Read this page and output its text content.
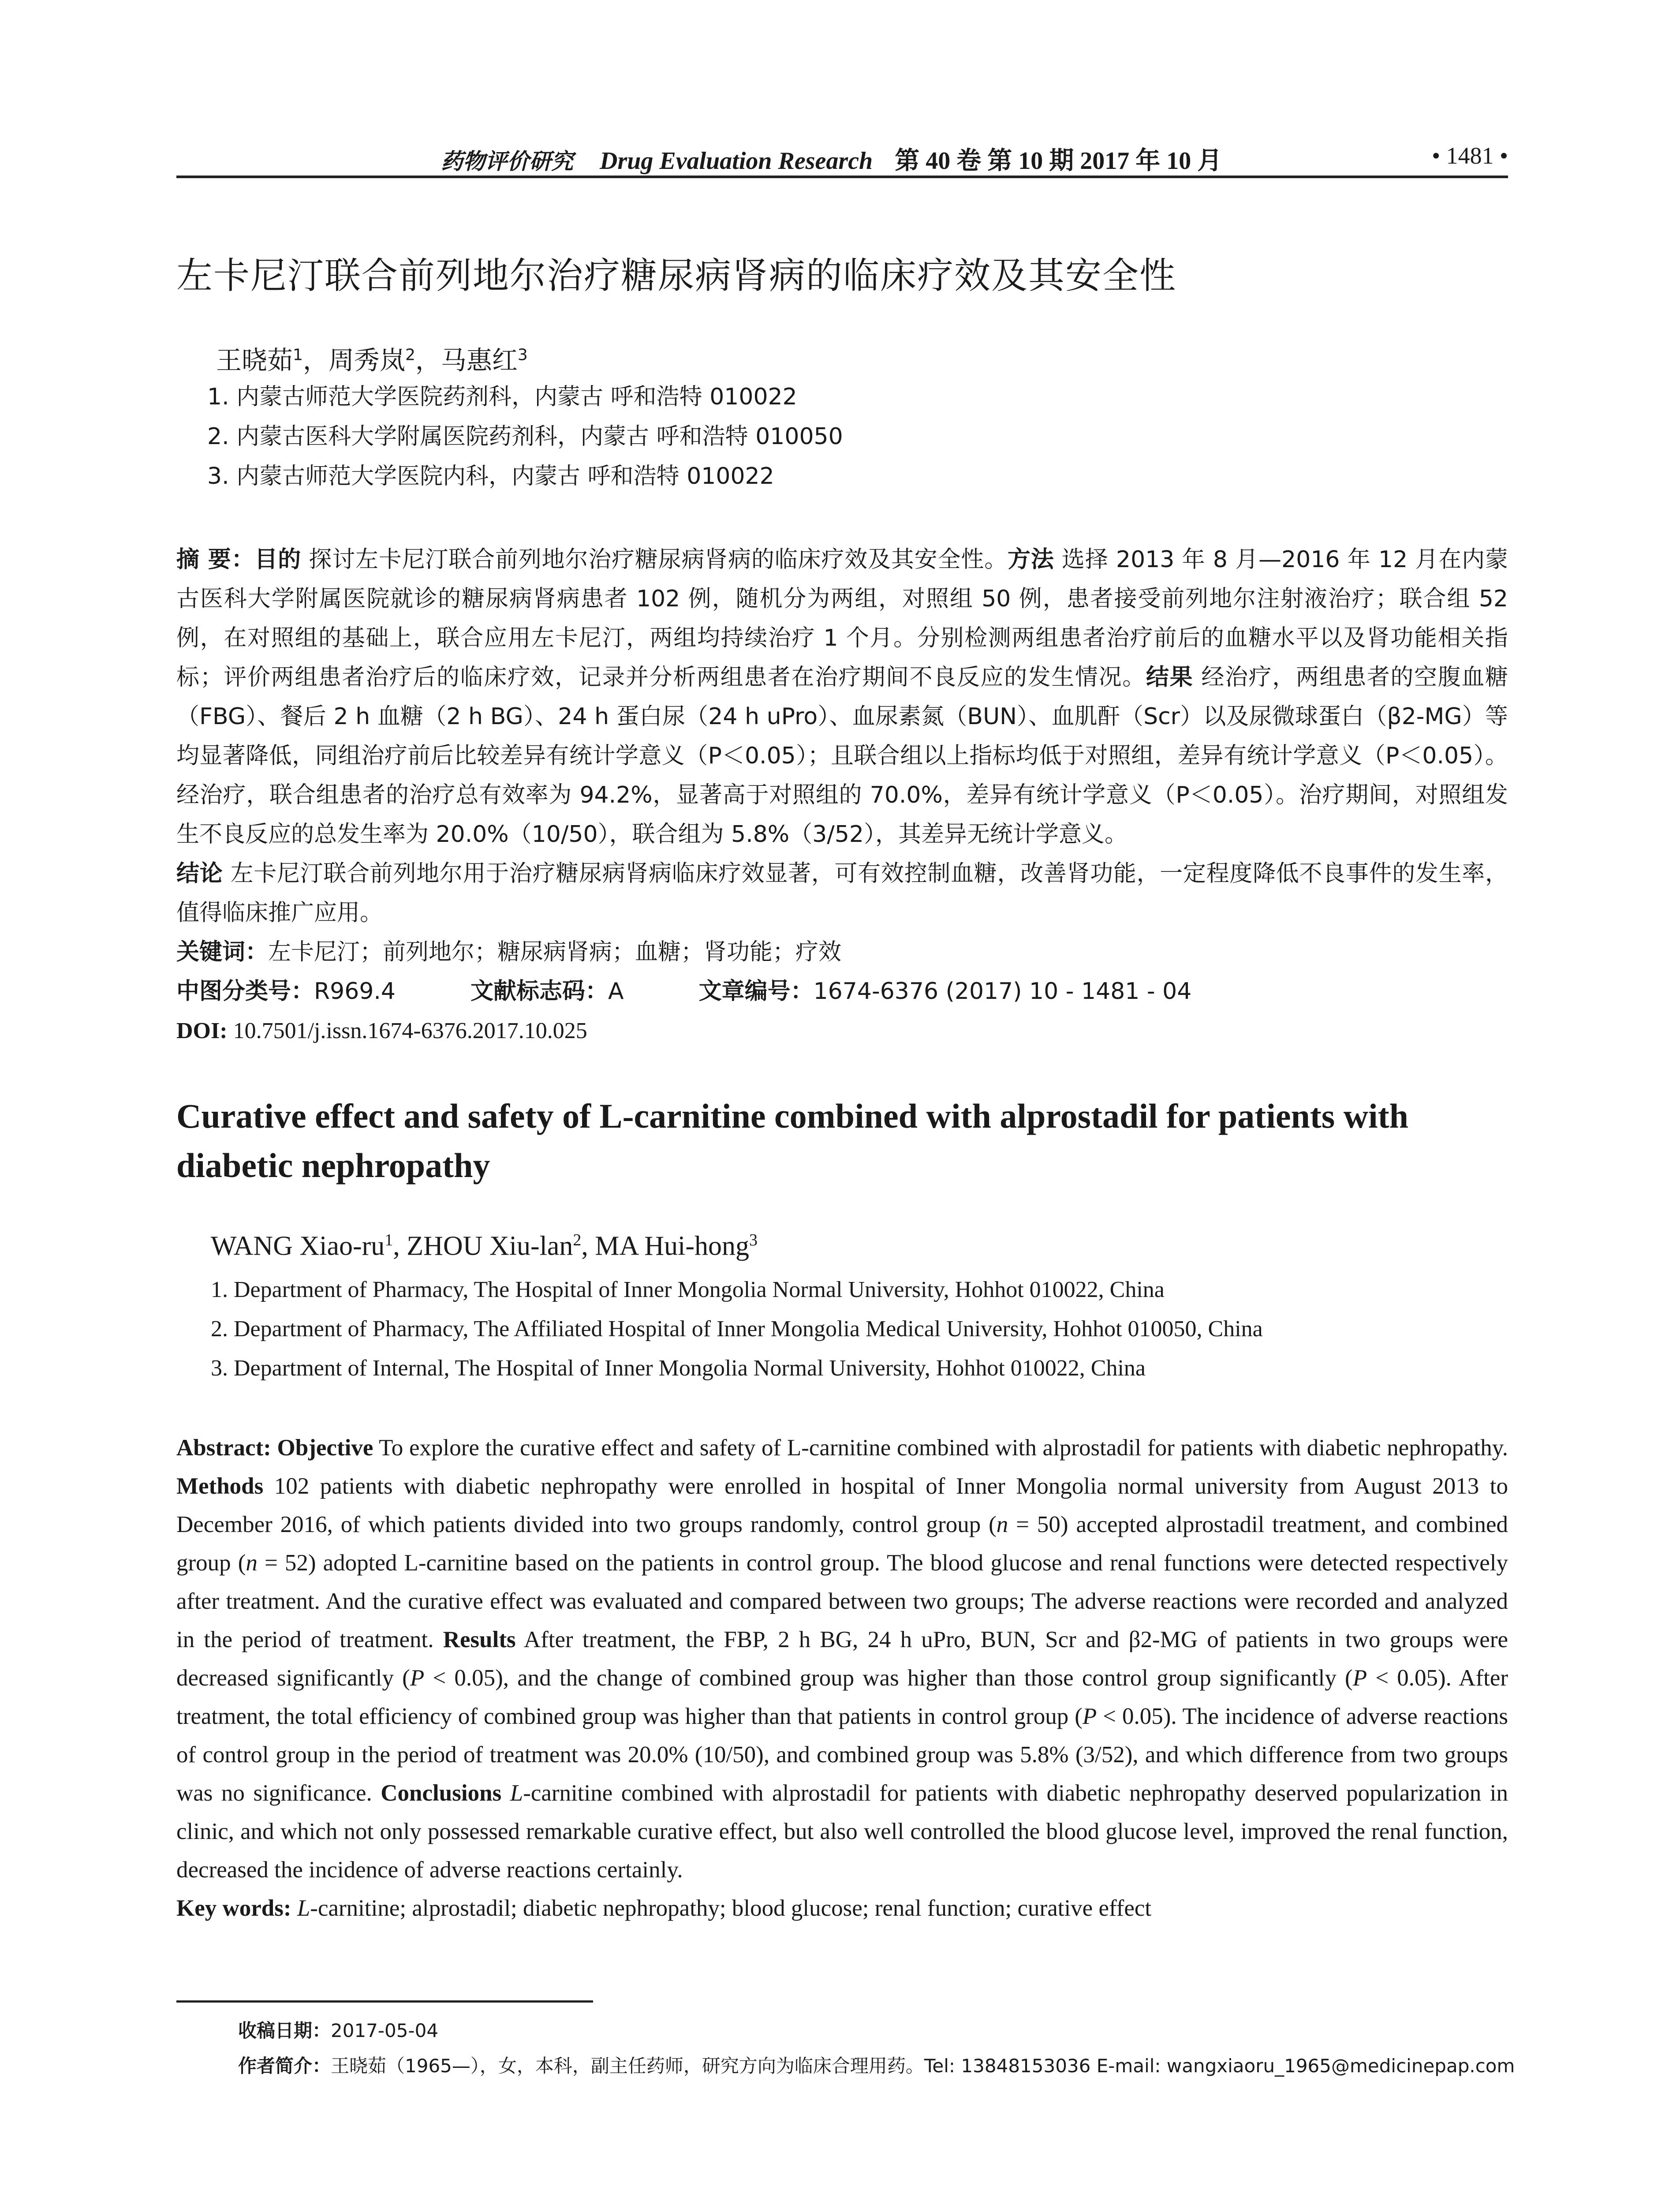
药物评价研究 Drug Evaluation Research 第 40 卷 第 10 期 2017 年 10 月	• 1481 •
左卡尼汀联合前列地尔治疗糖尿病肾病的临床疗效及其安全性
王晓茹$^1$，周秀岚$^2$，马惠红$^3$
1. 内蒙古师范大学医院药剂科，内蒙古 呼和浩特 010022
2. 内蒙古医科大学附属医院药剂科，内蒙古 呼和浩特 010050
3. 内蒙古师范大学医院内科，内蒙古 呼和浩特 010022

摘 要：目的 探讨左卡尼汀联合前列地尔治疗糖尿病肾病的临床疗效及其安全性。方法 选择 2013 年 8 月—2016 年 12 月在内蒙古医科大学附属医院就诊的糖尿病肾病患者 102 例，随机分为两组，对照组 50 例，患者接受前列地尔注射液治疗；联合组 52 例，在对照组的基础上，联合应用左卡尼汀，两组均持续治疗 1 个月。分别检测两组患者治疗前后的血糖水平以及肾功能相关指标；评价两组患者治疗后的临床疗效，记录并分析两组患者在治疗期间不良反应的发生情况。结果 经治疗，两组患者的空腹血糖（FBG）、餐后 2 h 血糖（2 h BG）、24 h 蛋白尿（24 h uPro）、血尿素氮（BUN）、血肌酐（Scr）以及尿微球蛋白（β2-MG）等均显著降低，同组治疗前后比较差异有统计学意义（P＜0.05）；且联合组以上指标均低于对照组，差异有统计学意义（P＜0.05）。经治疗，联合组患者的治疗总有效率为 94.2%，显著高于对照组的 70.0%，差异有统计学意义（P＜0.05）。治疗期间，对照组发生不良反应的总发生率为 20.0%（10/50），联合组为 5.8%（3/52），其差异无统计学意义。
结论 左卡尼汀联合前列地尔用于治疗糖尿病肾病临床疗效显著，可有效控制血糖，改善肾功能，一定程度降低不良事件的发生率，值得临床推广应用。

关键词：左卡尼汀；前列地尔；糖尿病肾病；血糖；肾功能；疗效
中图分类号：R969.4	文献标志码：A	文章编号：1674-6376 (2017) 10 - 1481 - 04
DOI: 10.7501/j.issn.1674-6376.2017.10.025
Curative effect and safety of L-carnitine combined with alprostadil for patients with diabetic nephropathy
WANG Xiao-$ru^1$, ZHOU Xiu-lan$^2$, MA Hui-hong$^3$
1. Department of Pharmacy, The Hospital of Inner Mongolia Normal University, Hohhot 010022, China
2. Department of Pharmacy, The Affiliated Hospital of Inner Mongolia Medical University, Hohhot 010050, China
3. Department of Internal, The Hospital of Inner Mongolia Normal University, Hohhot 010022, China

Abstract: Objective To explore the curative effect and safety of L-carnitine combined with alprostadil for patients with diabetic nephropathy. Methods 102 patients with diabetic nephropathy were enrolled in hospital of Inner Mongolia normal university from August 2013 to December 2016, of which patients divided into two groups randomly, control group (n = 50) accepted alprostadil treatment, and combined group (n = 52) adopted L-carnitine based on the patients in control group. The blood glucose and renal functions were detected respectively after treatment. And the curative effect was evaluated and compared between two groups; The adverse reactions were recorded and analyzed in the period of treatment. Results After treatment, the FBP, 2 h BG, 24 h uPro, BUN, Scr and β2-MG of patients in two groups were decreased significantly (P < 0.05), and the change of combined group was higher than those control group significantly (P < 0.05). After treatment, the total efficiency of combined group was higher than that patients in control group (P < 0.05). The incidence of adverse reactions of control group in the period of treatment was 20.0% (10/50), and combined group was 5.8% (3/52), and which difference from two groups was no significance. Conclusions L-carnitine combined with alprostadil for patients with diabetic nephropathy deserved popularization in clinic, and which not only possessed remarkable curative effect, but also well controlled the blood glucose level, improved the renal function, decreased the incidence of adverse reactions certainly.

Key words: L-carnitine; alprostadil; diabetic nephropathy; blood glucose; renal function; curative effect

收稿日期：2017-05-04
作者简介：王晓茹（1965—），女，本科，副主任药师，研究方向为临床合理用药。Tel: 13848153036 E-mail: wangxiaoru_1965@medicinepap.com
